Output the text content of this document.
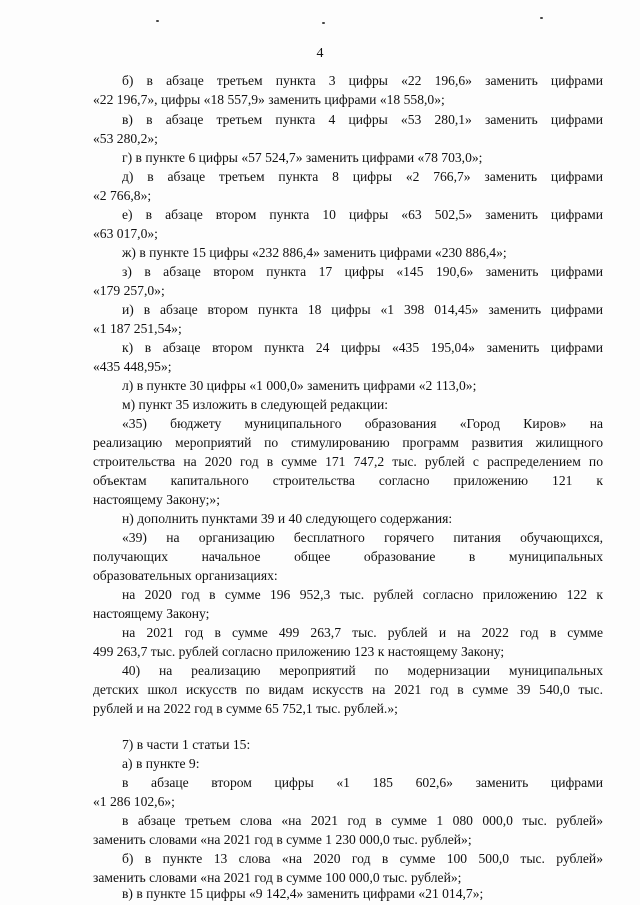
4
б) в абзаце третьем пункта 3 цифры «22 196,6» заменить цифрами
«22 196,7», цифры «18 557,9» заменить цифрами «18 558,0»;
в) в абзаце третьем пункта 4 цифры «53 280,1» заменить цифрами
«53 280,2»;
г) в пункте 6 цифры «57 524,7» заменить цифрами «78 703,0»;
д) в абзаце третьем пункта 8 цифры «2 766,7» заменить цифрами
«2 766,8»;
е) в абзаце втором пункта 10 цифры «63 502,5» заменить цифрами
«63 017,0»;
ж) в пункте 15 цифры «232 886,4» заменить цифрами «230 886,4»;
з) в абзаце втором пункта 17 цифры «145 190,6» заменить цифрами
«179 257,0»;
и) в абзаце втором пункта 18 цифры «1 398 014,45» заменить цифрами
«1 187 251,54»;
к) в абзаце втором пункта 24 цифры «435 195,04» заменить цифрами
«435 448,95»;
л) в пункте 30 цифры «1 000,0» заменить цифрами «2 113,0»;
м) пункт 35 изложить в следующей редакции:
«35) бюджету муниципального образования «Город Киров» на
реализацию мероприятий по стимулированию программ развития жилищного
строительства на 2020 год в сумме 171 747,2 тыс. рублей с распределением по
объектам капитального строительства согласно приложению 121 к
настоящему Закону;»;
н) дополнить пунктами 39 и 40 следующего содержания:
«39) на организацию бесплатного горячего питания обучающихся,
получающих начальное общее образование в муниципальных
образовательных организациях:
на 2020 год в сумме 196 952,3 тыс. рублей согласно приложению 122 к
настоящему Закону;
на 2021 год в сумме 499 263,7 тыс. рублей и на 2022 год в сумме
499 263,7 тыс. рублей согласно приложению 123 к настоящему Закону;
40) на реализацию мероприятий по модернизации муниципальных
детских школ искусств по видам искусств на 2021 год в сумме 39 540,0 тыс.
рублей и на 2022 год в сумме 65 752,1 тыс. рублей.»;
7) в части 1 статьи 15:
а) в пункте 9:
в абзаце втором цифры «1 185 602,6» заменить цифрами
«1 286 102,6»;
в абзаце третьем слова «на 2021 год в сумме 1 080 000,0 тыс. рублей»
заменить словами «на 2021 год в сумме 1 230 000,0 тыс. рублей»;
б) в пункте 13 слова «на 2020 год в сумме 100 500,0 тыс. рублей»
заменить словами «на 2021 год в сумме 100 000,0 тыс. рублей»;
в) в пункте 15 цифры «9 142,4» заменить цифрами «21 014,7»;
